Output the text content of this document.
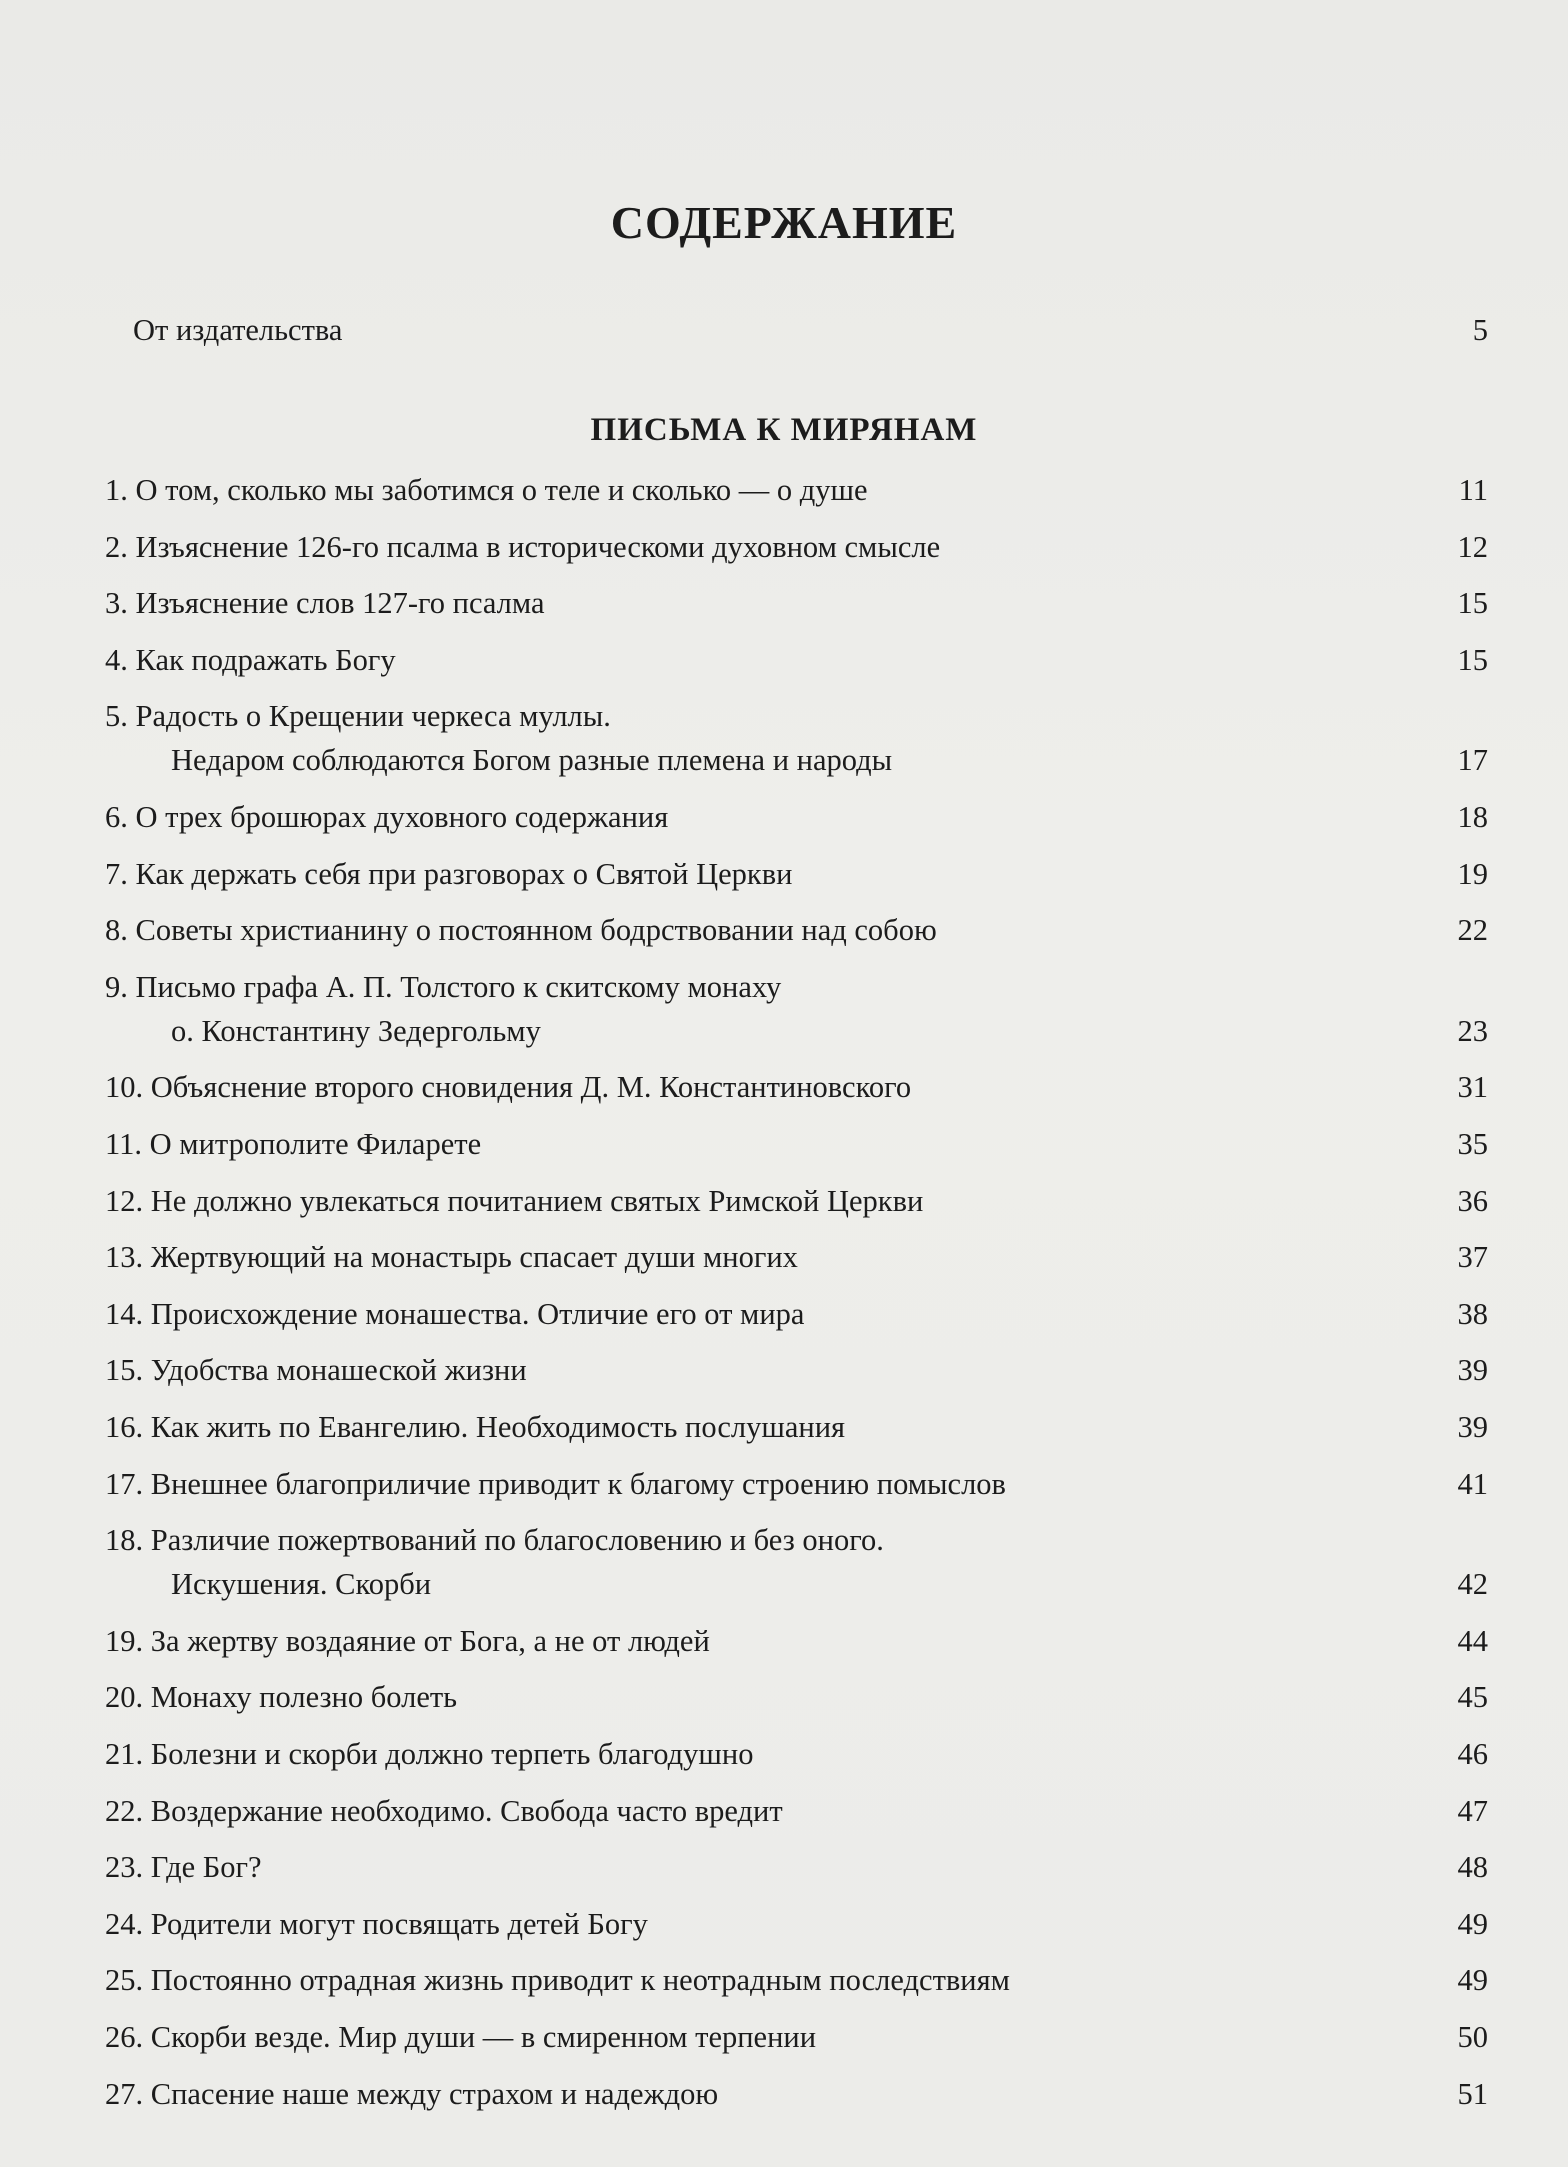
СОДЕРЖАНИЕ
От издательства	5
ПИСЬМА К МИРЯНАМ
1. О том, сколько мы заботимся о теле и сколько — о душе	11
2. Изъяснение 126-го псалма в историческоми духовном смысле	12
3. Изъяснение слов 127-го псалма	15
4. Как подражать Богу	15
5. Радость о Крещении черкеса муллы.
Недаром соблюдаются Богом разные племена и народы	17
6. О трех брошюрах духовного содержания	18
7. Как держать себя при разговорах о Святой Церкви	19
8. Советы христианину о постоянном бодрствовании над собою	22
9. Письмо графа А. П. Толстого к скитскому монаху
о. Константину Зедергольму	23
10. Объяснение второго сновидения Д. М. Константиновского	31
11. О митрополите Филарете	35
12. Не должно увлекаться почитанием святых Римской Церкви	36
13. Жертвующий на монастырь спасает души многих	37
14. Происхождение монашества. Отличие его от мира	38
15. Удобства монашеской жизни	39
16. Как жить по Евангелию. Необходимость послушания	39
17. Внешнее благоприличие приводит к благому строению помыслов	41
18. Различие пожертвований по благословению и без оного.
Искушения. Скорби	42
19. За жертву воздаяние от Бога, а не от людей	44
20. Монаху полезно болеть	45
21. Болезни и скорби должно терпеть благодушно	46
22. Воздержание необходимо. Свобода часто вредит	47
23. Где Бог?	48
24. Родители могут посвящать детей Богу	49
25. Постоянно отрадная жизнь приводит к неотрадным последствиям	49
26. Скорби везде. Мир души — в смиренном терпении	50
27. Спасение наше между страхом и надеждою	51
